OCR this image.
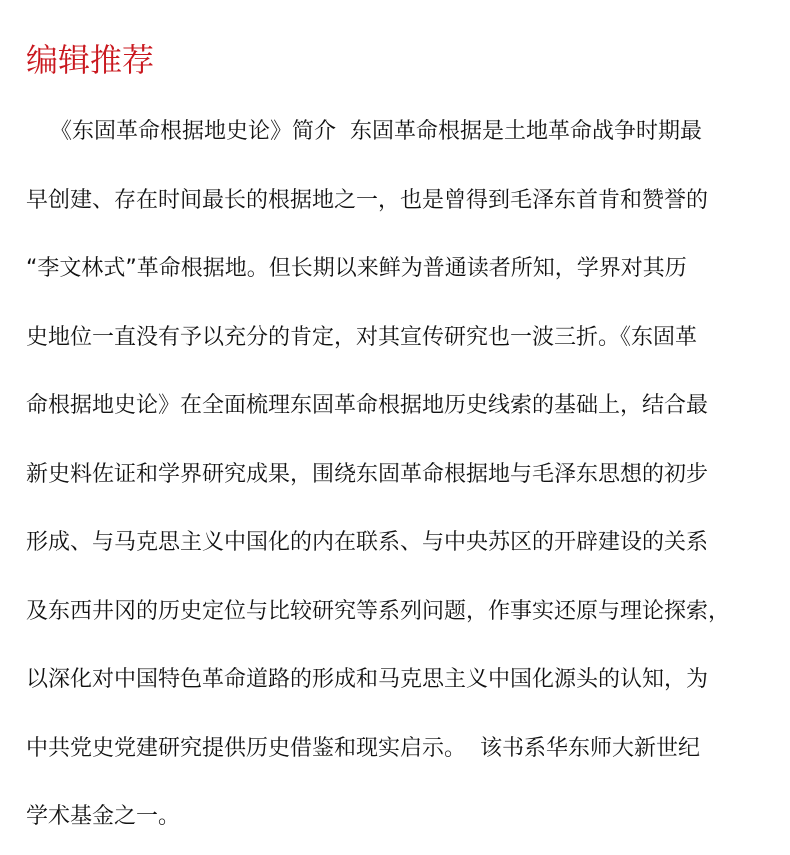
编辑推荐
《东固革命根据地史论》简介  东固革命根据是土地革命战争时期最
早创建、存在时间最长的根据地之一，也是曾得到毛泽东首肯和赞誉的
“李文林式”革命根据地。但长期以来鲜为普通读者所知，学界对其历
史地位一直没有予以充分的肯定，对其宣传研究也一波三折。《东固革
命根据地史论》在全面梳理东固革命根据地历史线索的基础上，结合最
新史料佐证和学界研究成果，围绕东固革命根据地与毛泽东思想的初步
形成、与马克思主义中国化的内在联系、与中央苏区的开辟建设的关系
及东西井冈的历史定位与比较研究等系列问题，作事实还原与理论探索，
以深化对中国特色革命道路的形成和马克思主义中国化源头的认知，为
中共党史党建研究提供历史借鉴和现实启示。  该书系华东师大新世纪
学术基金之一。
